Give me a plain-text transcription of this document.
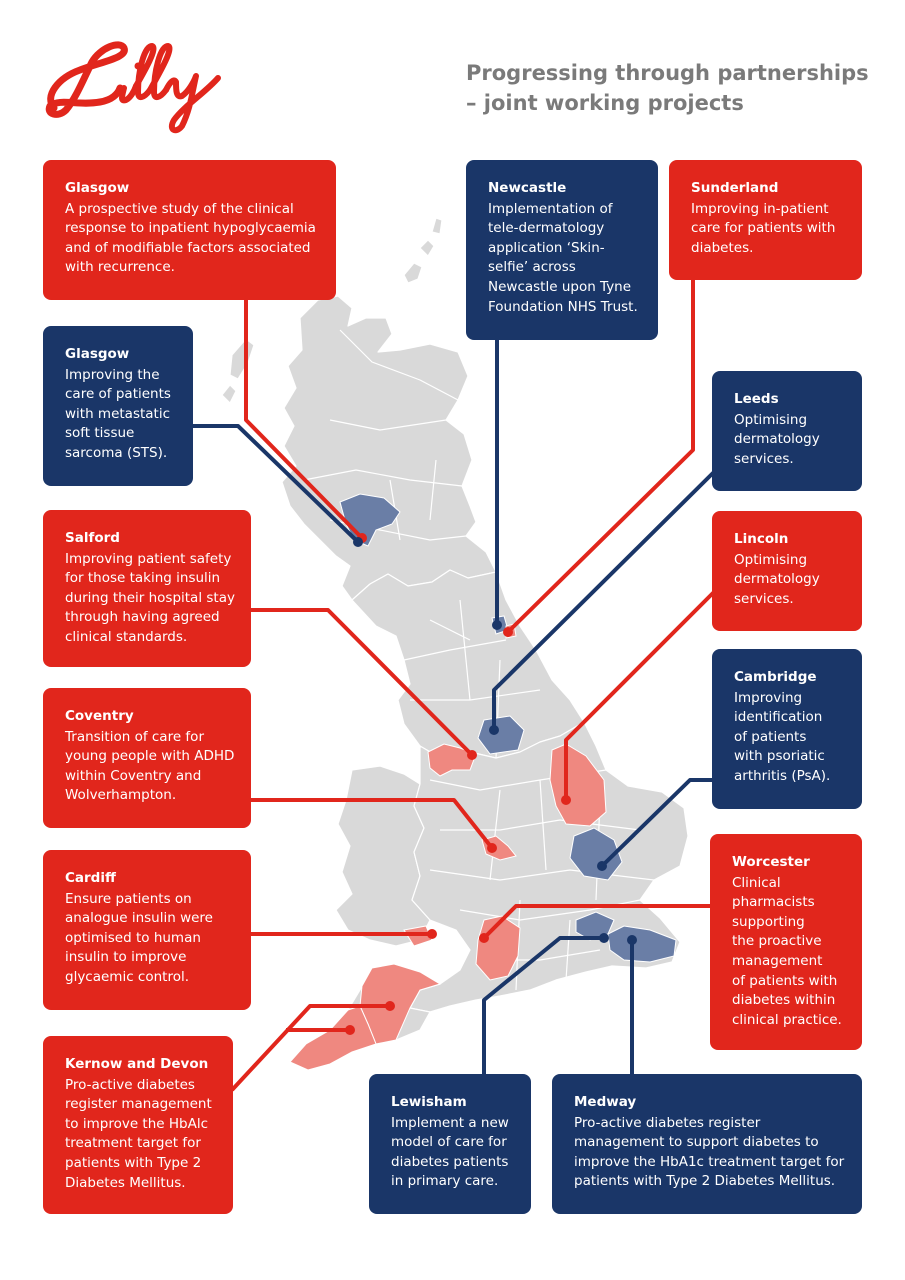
Progressing through partnerships
– joint working projects
Glasgow
A prospective study of the clinical
response to inpatient hypoglycaemia
and of modifiable factors associated
with recurrence.
Glasgow
Improving the
care of patients
with metastatic
soft tissue
sarcoma (STS).
Salford
Improving patient safety
for those taking insulin
during their hospital stay
through having agreed
clinical standards.
Coventry
Transition of care for
young people with ADHD
within Coventry and
Wolverhampton.
Cardiff
Ensure patients on
analogue insulin were
optimised to human
insulin to improve
glycaemic control.
Kernow and Devon
Pro-active diabetes
register management
to improve the HbAlc
treatment target for
patients with Type 2
Diabetes Mellitus.
Newcastle
Implementation of
tele-dermatology
application ‘Skin-
selfie’ across
Newcastle upon Tyne
Foundation NHS Trust.
Sunderland
Improving in-patient
care for patients with
diabetes.
Leeds
Optimising
dermatology
services.
Lincoln
Optimising
dermatology
services.
Cambridge
Improving
identification
of patients
with psoriatic
arthritis (PsA).
Worcester
Clinical
pharmacists
supporting
the proactive
management
of patients with
diabetes within
clinical practice.
Lewisham
Implement a new
model of care for
diabetes patients
in primary care.
Medway
Pro-active diabetes register
management to support diabetes to
improve the HbA1c treatment target for
patients with Type 2 Diabetes Mellitus.
